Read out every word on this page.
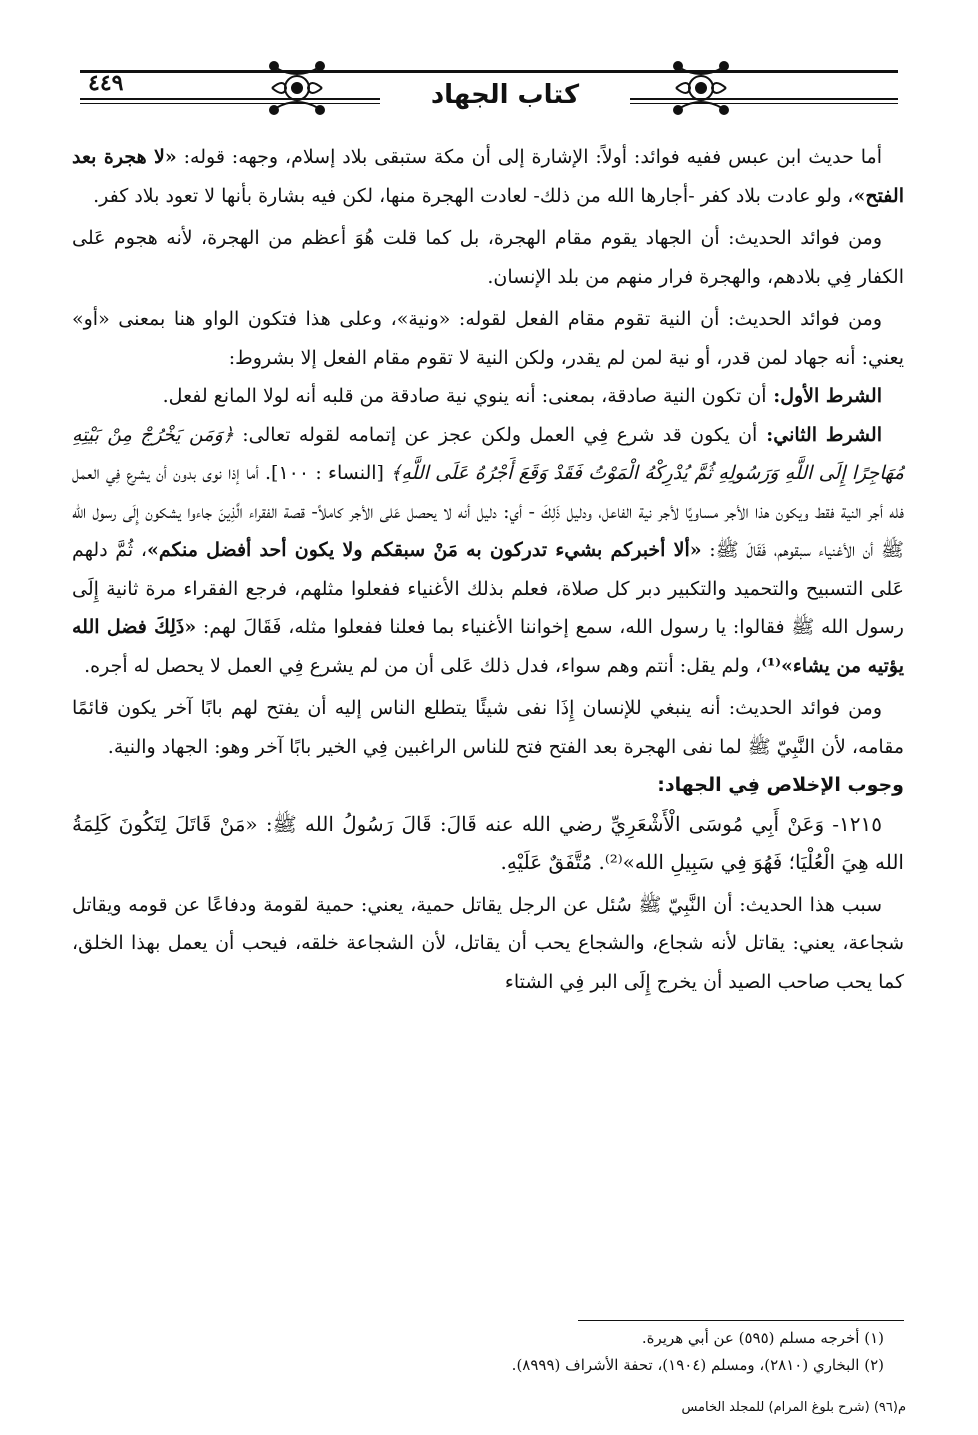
كتاب الجهاد
٤٤٩

أما حديث ابن عبس ففيه فوائد: أولاً: الإشارة إلى أن مكة ستبقى بلاد إسلام، وجهه: قوله: «لا هجرة بعد الفتح»، ولو عادت بلاد كفر -أجارها الله من ذلك- لعادت الهجرة منها، لكن فيه بشارة بأنها لا تعود بلاد كفر.

ومن فوائد الحديث: أن الجهاد يقوم مقام الهجرة، بل كما قلت هُوَ أعظم من الهجرة، لأنه هجوم عَلى الكفار فِي بلادهم، والهجرة فرار منهم من بلد الإنسان.

ومن فوائد الحديث: أن النية تقوم مقام الفعل لقوله: «ونية»، وعلى هذا فتكون الواو هنا بمعنى «أو» يعني: أنه جهاد لمن قدر، أو نية لمن لم يقدر، ولكن النية لا تقوم مقام الفعل إلا بشروط:

الشرط الأول: أن تكون النية صادقة، بمعنى: أنه ينوي نية صادقة من قلبه أنه لولا المانع لفعل.

الشرط الثاني: أن يكون قد شرع فِي العمل ولكن عجز عن إتمامه لقوله تعالى: ﴿وَمَن يَخْرُجْ مِنْ بَيْتِهِ مُهَاجِرًا إِلَى اللَّهِ وَرَسُولِهِ ثُمَّ يُدْرِكْهُ الْمَوْتُ فَقَدْ وَقَعَ أَجْرُهُ عَلَى اللَّهِ﴾ [النساء : ١٠٠]. أما إذا نوى بدون أن يشرع فِي العمل فله أجر النية فقط ويكون هذا الأجر مساويًا لأجر نية الفاعل، ودليل ذَلِكَ - أي: دليل أنه لا يحصل عَلى الأجر كاملاً- قصة الفقراء الَّذِينَ جاءوا يشكون إِلَى رسول الله ﷺ أن الأغنياء سبقوهم، فَقَالَ ﷺ: «ألا أخبركم بشيء تدركون به مَنْ سبقكم ولا يكون أحد أفضل منكم»، ثُمَّ دلهم عَلى التسبيح والتحميد والتكبير دبر كل صلاة، فعلم بذلك الأغنياء ففعلوا مثلهم، فرجع الفقراء مرة ثانية إِلَى رسول الله ﷺ فقالوا: يا رسول الله، سمع إخواننا الأغنياء بما فعلنا ففعلوا مثله، فَقَالَ لهم: «ذَلِكَ فضل الله يؤتيه من يشاء»⁽¹⁾، ولم يقل: أنتم وهم سواء، فدل ذلك عَلى أن من لم يشرع فِي العمل لا يحصل له أجره.

ومن فوائد الحديث: أنه ينبغي للإنسان إِذَا نفى شيئًا يتطلع الناس إليه أن يفتح لهم بابًا آخر يكون قائمًا مقامه، لأن النَّبِيّ ﷺ لما نفى الهجرة بعد الفتح فتح للناس الراغبين فِي الخير بابًا آخر وهو: الجهاد والنية.

وجوب الإخلاص فِي الجهاد:

١٢١٥- وَعَنْ أَبِي مُوسَى الْأَشْعَرِيِّ رضي الله عنه قَالَ: قَالَ رَسُولُ الله ﷺ: «مَنْ قَاتَلَ لِتَكُونَ كَلِمَةُ الله هِيَ الْعُلْيَا؛ فَهُوَ فِي سَبِيلِ الله»⁽²⁾. مُتَّفَقٌ عَلَيْهِ.

سبب هذا الحديث: أن النَّبِيّ ﷺ سُئل عن الرجل يقاتل حمية، يعني: حمية لقومة ودفاعًا عن قومه ويقاتل شجاعة، يعني: يقاتل لأنه شجاع، والشجاع يحب أن يقاتل، لأن الشجاعة خلقه، فيحب أن يعمل بهذا الخلق، كما يحب صاحب الصيد أن يخرج إِلَى البر فِي الشتاء

(١) أخرجه مسلم (٥٩٥) عن أبي هريرة.
(٢) البخاري (٢٨١٠)، ومسلم (١٩٠٤)، تحفة الأشراف (٨٩٩٩).
م(٩٦) (شرح بلوغ المرام) للمجلد الخامس
